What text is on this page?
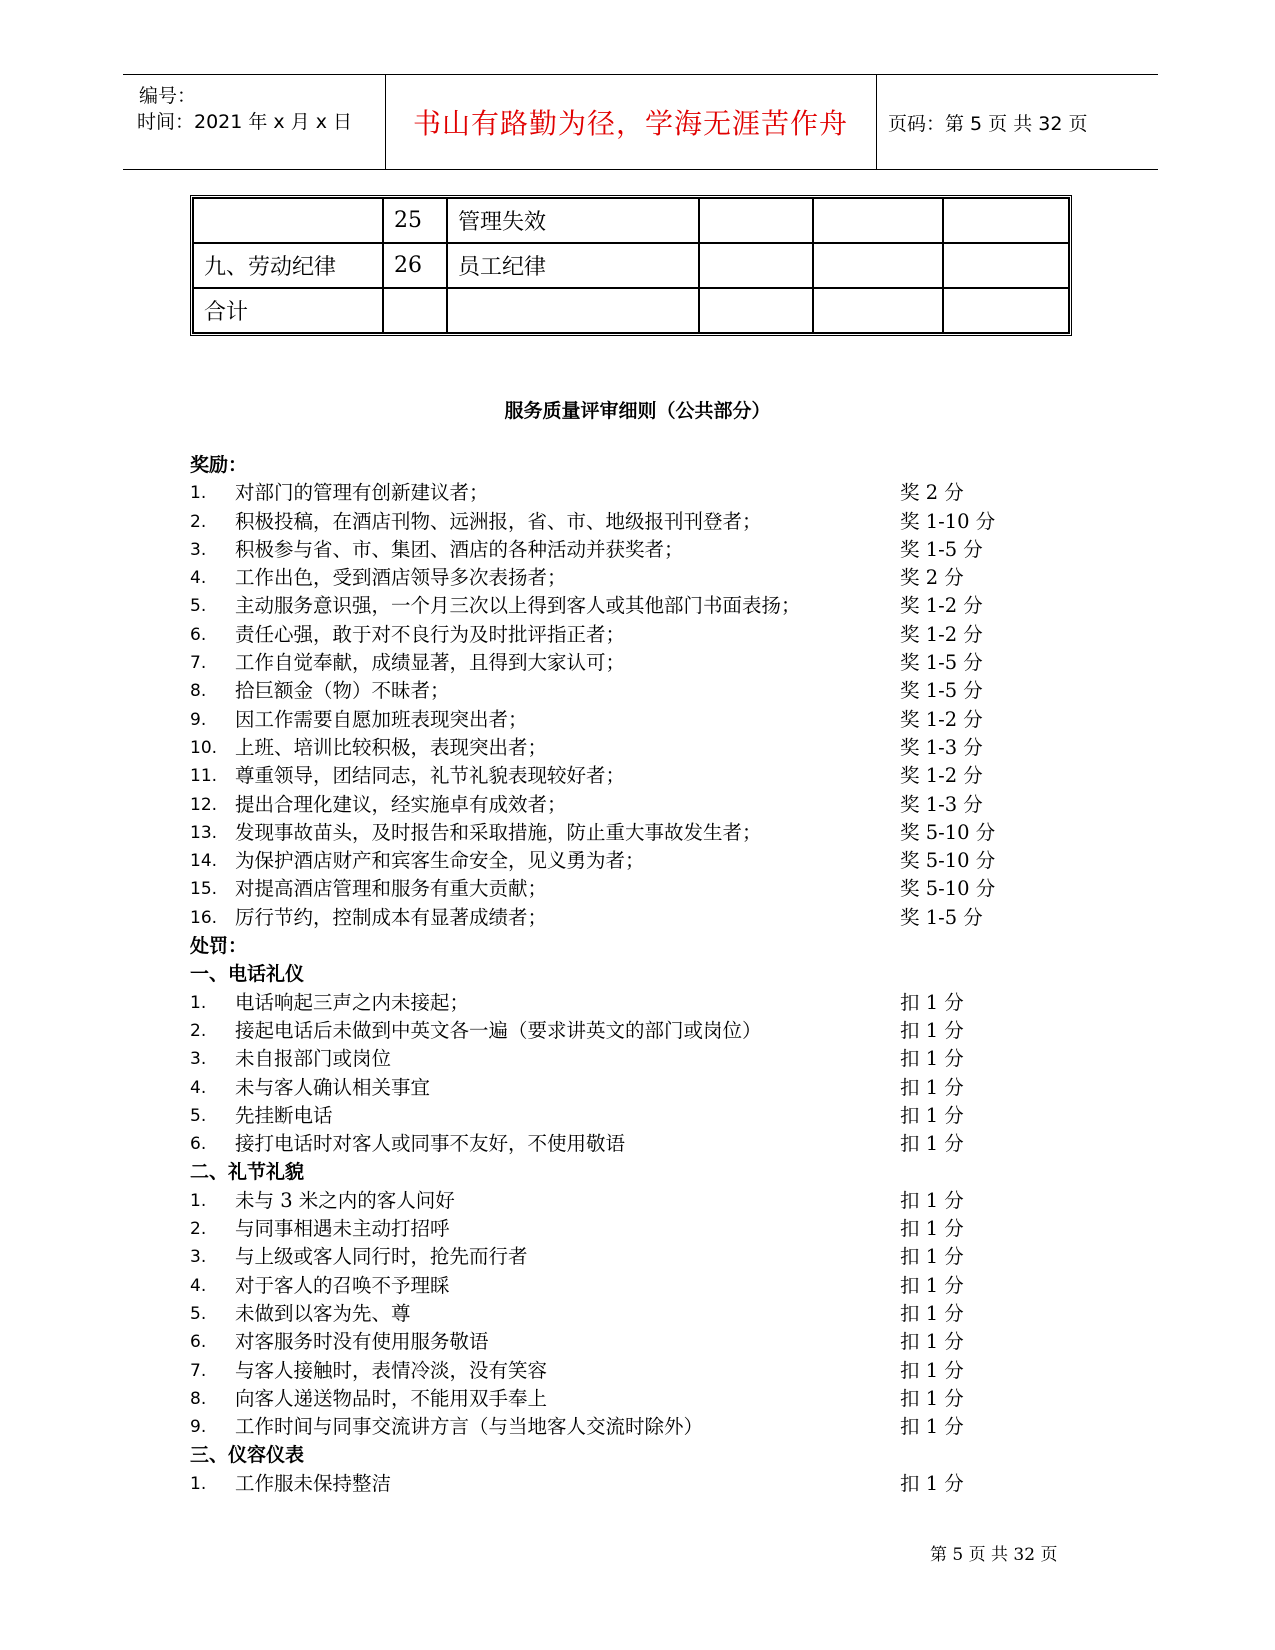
编号：
时间：2021 年 x 月 x 日	书山有路勤为径，学海无涯苦作舟	页码：第 5 页 共 32 页
	25	管理失效			
九、劳动纪律	26	员工纪律			
合计					
服务质量评审细则（公共部分）
奖励：
1. 对部门的管理有创新建议者；	奖 2 分
2. 积极投稿，在酒店刊物、远洲报，省、市、地级报刊刊登者；	奖 1-10 分
3. 积极参与省、市、集团、酒店的各种活动并获奖者；	奖 1-5 分
4. 工作出色，受到酒店领导多次表扬者；	奖 2 分
5. 主动服务意识强，一个月三次以上得到客人或其他部门书面表扬；	奖 1-2 分
6. 责任心强，敢于对不良行为及时批评指正者；	奖 1-2 分
7. 工作自觉奉献，成绩显著，且得到大家认可；	奖 1-5 分
8. 拾巨额金（物）不昧者；	奖 1-5 分
9. 因工作需要自愿加班表现突出者；	奖 1-2 分
10. 上班、培训比较积极，表现突出者；	奖 1-3 分
11. 尊重领导，团结同志，礼节礼貌表现较好者；	奖 1-2 分
12. 提出合理化建议，经实施卓有成效者；	奖 1-3 分
13. 发现事故苗头，及时报告和采取措施，防止重大事故发生者；	奖 5-10 分
14. 为保护酒店财产和宾客生命安全，见义勇为者；	奖 5-10 分
15. 对提高酒店管理和服务有重大贡献；	奖 5-10 分
16. 厉行节约，控制成本有显著成绩者；	奖 1-5 分
处罚：
一、电话礼仪
1. 电话响起三声之内未接起；	扣 1 分
2. 接起电话后未做到中英文各一遍（要求讲英文的部门或岗位）	扣 1 分
3. 未自报部门或岗位	扣 1 分
4. 未与客人确认相关事宜	扣 1 分
5. 先挂断电话	扣 1 分
6. 接打电话时对客人或同事不友好，不使用敬语	扣 1 分
二、礼节礼貌
1. 未与 3 米之内的客人问好	扣 1 分
2. 与同事相遇未主动打招呼	扣 1 分
3. 与上级或客人同行时，抢先而行者	扣 1 分
4. 对于客人的召唤不予理睬	扣 1 分
5. 未做到以客为先、尊	扣 1 分
6. 对客服务时没有使用服务敬语	扣 1 分
7. 与客人接触时，表情冷淡，没有笑容	扣 1 分
8. 向客人递送物品时，不能用双手奉上	扣 1 分
9. 工作时间与同事交流讲方言（与当地客人交流时除外）	扣 1 分
三、仪容仪表
1. 工作服未保持整洁	扣 1 分
第 5 页 共 32 页
